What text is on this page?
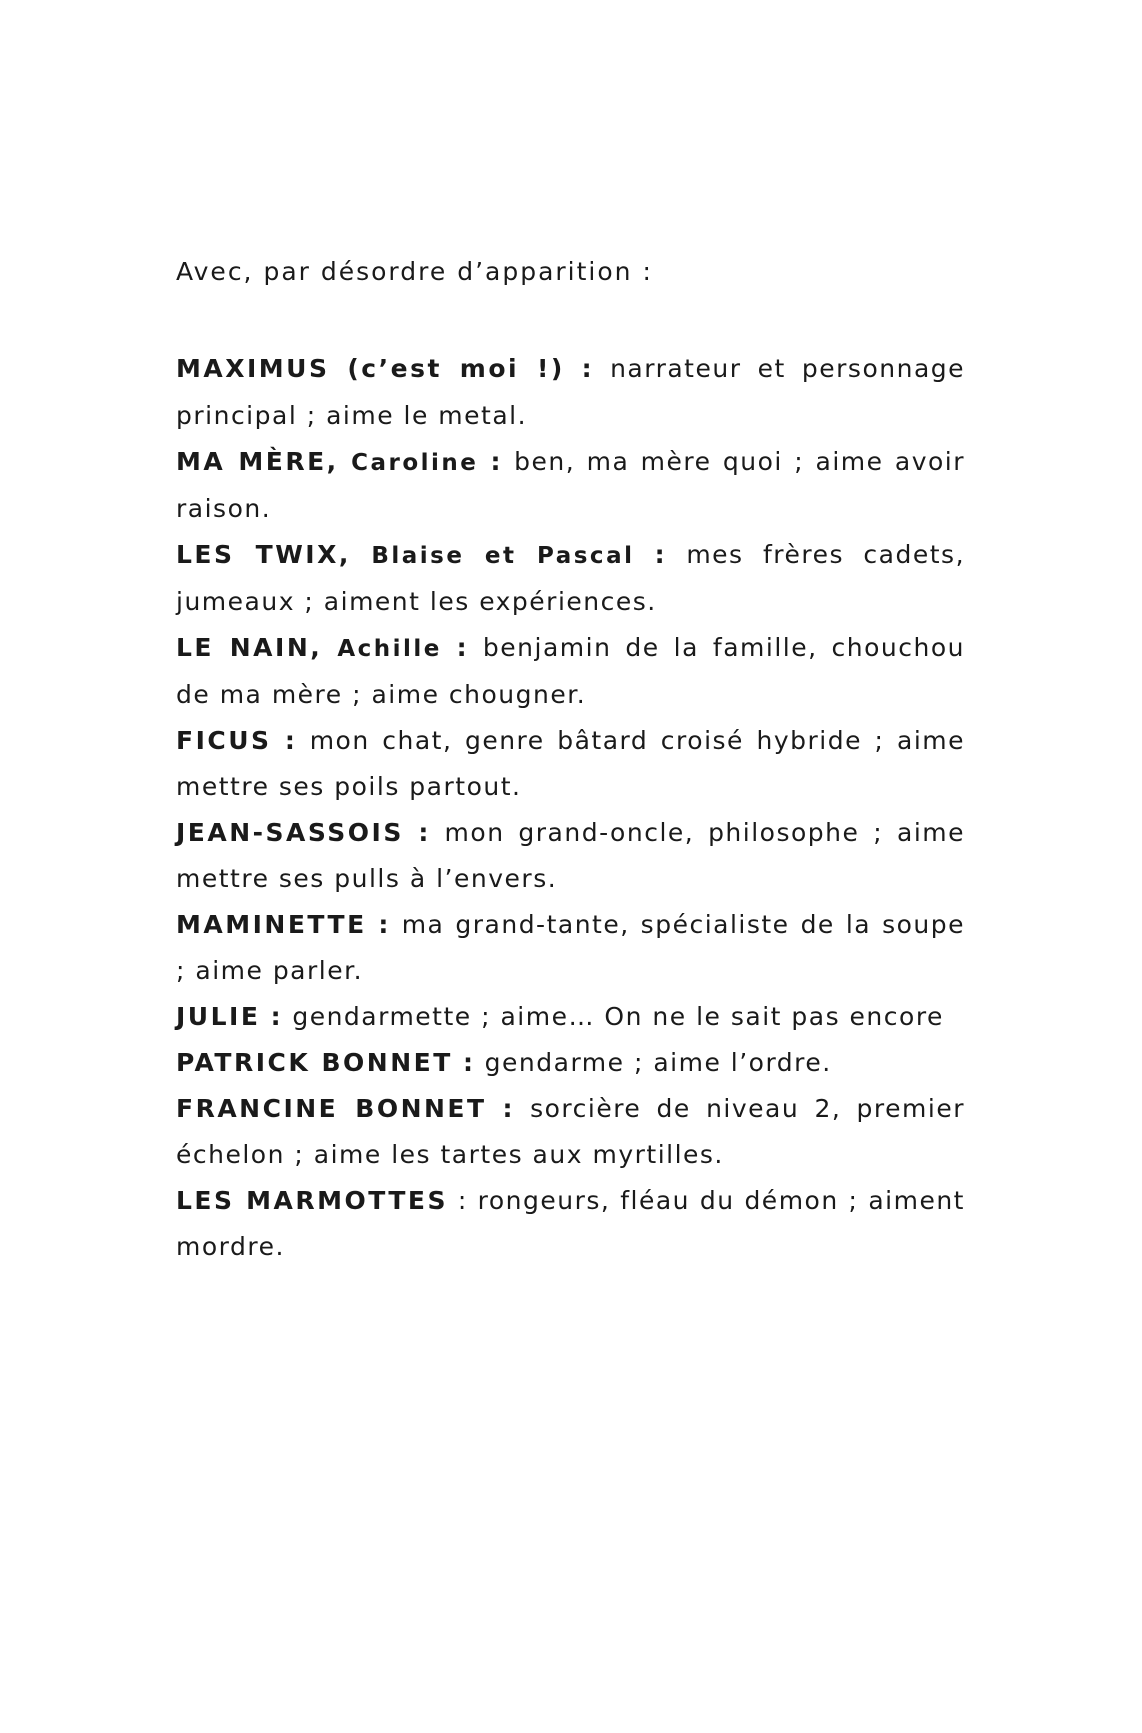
Avec, par désordre d’apparition :

MAXIMUS (c’est moi !) : narrateur et personnage principal ; aime le metal.

MA MÈRE, Caroline : ben, ma mère quoi ; aime avoir raison.

LES TWIX, Blaise et Pascal : mes frères cadets, jumeaux ; aiment les expériences.

LE NAIN, Achille : benjamin de la famille, chouchou de ma mère ; aime chougner.

FICUS : mon chat, genre bâtard croisé hybride ; aime mettre ses poils partout.

JEAN-SASSOIS : mon grand-oncle, philosophe ; aime mettre ses pulls à l’envers.

MAMINETTE : ma grand-tante, spécialiste de la soupe ; aime parler.

JULIE : gendarmette ; aime… On ne le sait pas encore

PATRICK BONNET : gendarme ; aime l’ordre.

FRANCINE BONNET : sorcière de niveau 2, premier échelon ; aime les tartes aux myrtilles.

LES MARMOTTES : rongeurs, fléau du démon ; aiment mordre.
